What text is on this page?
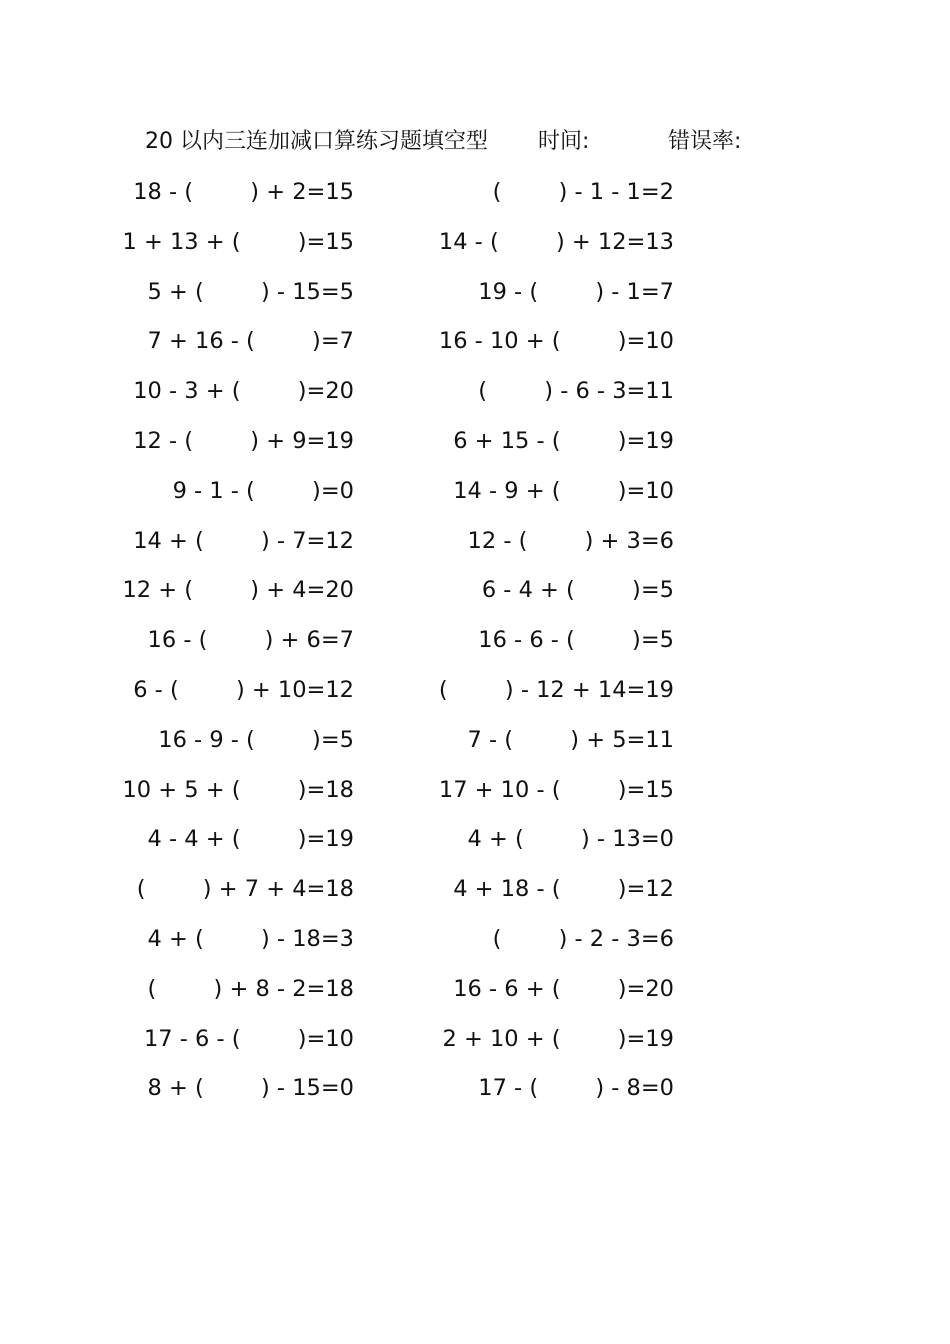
20 以内三连加减口算练习题填空型 时间:	错误率:
18 - (        ) + 2=15	(        ) - 1 - 1=2
1 + 13 + (        )=15	14 - (        ) + 12=13
5 + (        ) - 15=5	19 - (        ) - 1=7
7 + 16 - (        )=7	16 - 10 + (        )=10
10 - 3 + (        )=20	(        ) - 6 - 3=11
12 - (        ) + 9=19	6 + 15 - (        )=19
9 - 1 - (        )=0	14 - 9 + (        )=10
14 + (        ) - 7=12	12 - (        ) + 3=6
12 + (        ) + 4=20	6 - 4 + (        )=5
16 - (        ) + 6=7	16 - 6 - (        )=5
6 - (        ) + 10=12	(        ) - 12 + 14=19
16 - 9 - (        )=5	7 - (        ) + 5=11
10 + 5 + (        )=18	17 + 10 - (        )=15
4 - 4 + (        )=19	4 + (        ) - 13=0
(        ) + 7 + 4=18	4 + 18 - (        )=12
4 + (        ) - 18=3	(        ) - 2 - 3=6
(        ) + 8 - 2=18	16 - 6 + (        )=20
17 - 6 - (        )=10	2 + 10 + (        )=19
8 + (        ) - 15=0	17 - (        ) - 8=0
